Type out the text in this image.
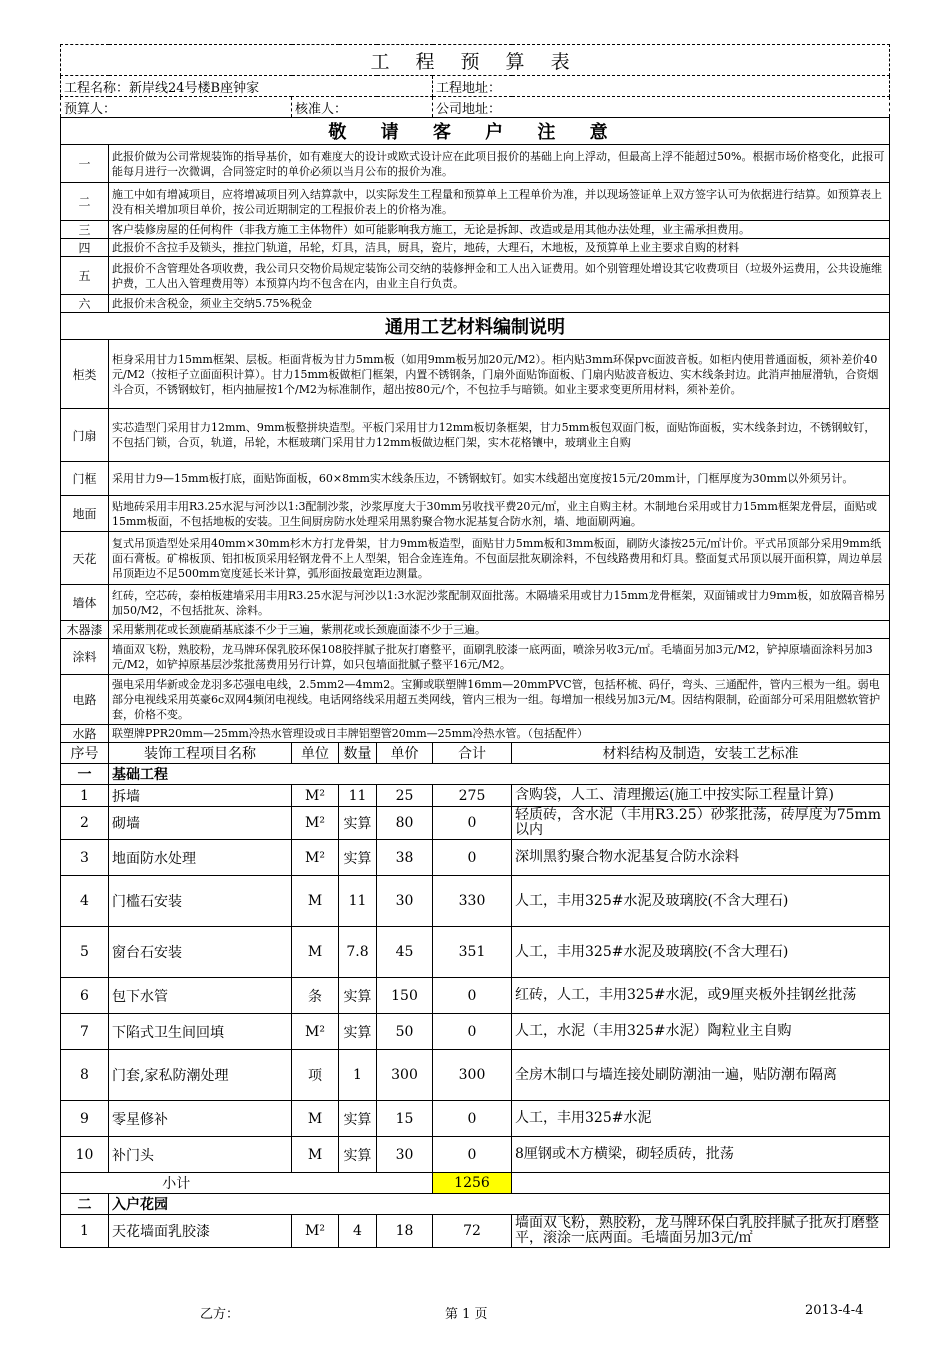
工 程 预 算 表						
工程名称：新岸线24号楼B座钟家					工程地址：	
预算人：		核准人：			公司地址：	
敬 请 客 户 注 意						
一	此报价做为公司常规装饰的指导基价，如有难度大的设计或欧式设计应在此项目报价的基础上向上浮动，但最高上浮不能超过50%。根据市场价格变化，此报可能每月进行一次微调，合同签定时的单价必须以当月公布的报价为准。					
二	施工中如有增减项目，应将增减项目列入结算款中，以实际发生工程量和预算单上工程单价为准，并以现场签证单上双方签字认可为依据进行结算。如预算表上没有相关增加项目单价，按公司近期制定的工程报价表上的价格为准。					
三	客户装修房屋的任何构件（非我方施工主体物件）如可能影响我方施工，无论是拆卸、改造或是用其他办法处理，业主需承担费用。					
四	此报价不含拉手及锁头，推拉门轨道，吊轮，灯具，洁具，厨具，瓷片，地砖，大理石，木地板，及预算单上业主要求自购的材料					
五	此报价不含管理处各项收费，我公司只交物价局规定装饰公司交纳的装修押金和工人出入证费用。如个别管理处增设其它收费项目（垃圾外运费用，公共设施维护费，工人出入管理费用等）本预算内均不包含在内，由业主自行负责。					
六	此报价未含税金，须业主交纳5.75%税金					
通用工艺材料编制说明						
柜类	柜身采用甘力15mm框架、层板。柜面背板为甘力5mm板（如用9mm板另加20元/M2）。柜内贴3mm环保pvc面波音板。如柜内使用普通面板，须补差价40元/M2（按柜子立面面积计算）。甘力15mm板做柜门框架，内置不锈钢条，门扇外面贴饰面板、门扇内贴波音板边、实木线条封边。此消声抽屉滑轨，合资烟斗合页，不锈钢蚊钉，柜内抽屉按1个/M2为标准制作，超出按80元/个，不包拉手与暗锁。如业主要求变更所用材料，须补差价。					
门扇	实芯造型门采用甘力12mm、9mm板整拼块造型。平板门采用甘力12mm板切条框架，甘力5mm板包双面门板，面贴饰面板，实木线条封边，不锈钢蚊钉，不包括门锁，合页，轨道，吊轮，木框玻璃门采用甘力12mm板做边框门架，实木花格镶中，玻璃业主自购					
门框	采用甘力9—15mm板打底，面贴饰面板，60×8mm实木线条压边，不锈钢蚊钉。如实木线超出宽度按15元/20mm计，门框厚度为30mm以外须另计。					
地面	贴地砖采用丰用R3.25水泥与河沙以1:3配制沙浆，沙浆厚度大于30mm另收找平费20元/㎡，业主自购主材。木制地台采用或甘力15mm框架龙骨层，面贴或15mm板面，不包括地板的安装。卫生间厨房防水处理采用黑豹聚合物水泥基复合防水剂，墙、地面刷两遍。					
天花	复式吊顶造型处采用40mm×30mm杉木方打龙骨架，甘力9mm板造型，面贴甘力5mm板和3mm板面，刷防火漆按25元/㎡计价。平式吊顶部分采用9mm纸面石膏板。矿棉板顶、铝扣板顶采用轻钢龙骨不上人型架，铝合金连连角。不包面层批灰刷涂料，不包线路费用和灯具。整面复式吊顶以展开面积算，周边单层吊顶距边不足500mm宽度延长米计算，弧形面按最宽距边测量。					
墙体	红砖，空芯砖，泰柏板建墙采用丰用R3.25水泥与河沙以1:3水泥沙浆配制双面批荡。木隔墙采用或甘力15mm龙骨框架，双面铺或甘力9mm板，如放隔音棉另加50/M2，不包括批灰、涂料。					
木器漆	采用紫荆花或长颈鹿硝基底漆不少于三遍，紫荆花或长颈鹿面漆不少于三遍。					
涂料	墙面双飞粉，熟胶粉，龙马牌环保乳胶环保108胶拌腻子批灰打磨整平，面刷乳胶漆一底两面，喷涂另收3元/㎡。毛墙面另加3元/M2，铲掉原墙面涂料另加3元/M2，如铲掉原基层沙浆批荡费用另行计算，如只包墙面批腻子整平16元/M2。					
电路	强电采用华新或金龙羽多芯强电电线，2.5mm2—4mm2。宝狮或联塑牌16mm—20mmPVC管，包括杯梳、码仔，弯头、三通配件，管内三根为一组。弱电部分电视线采用英豪6c双网4频闭电视线。电话网络线采用超五类网线，管内三根为一组。每增加一根线另加3元/M。因结构限制，砼面部分可采用阻燃软管护套，价格不变。					
水路	联塑牌PPR20mm—25mm冷热水管理设或日丰牌铝塑管20mm—25mm冷热水管。（包括配件）					
序号	装饰工程项目名称	单位	数量	单价	合计	材料结构及制造，安装工艺标准
一	基础工程					
1	拆墙	M²	11	25	275	含购袋，人工、清理搬运(施工中按实际工程量计算)
2	砌墙	M²	实算	80	0	轻质砖，含水泥（丰用R3.25）砂浆批荡，砖厚度为75mm以内
3	地面防水处理	M²	实算	38	0	深圳黑豹聚合物水泥基复合防水涂料
4	门槛石安装	M	11	30	330	人工，丰用325#水泥及玻璃胶(不含大理石)
5	窗台石安装	M	7.8	45	351	人工，丰用325#水泥及玻璃胶(不含大理石)
6	包下水管	条	实算	150	0	红砖，人工，丰用325#水泥，或9厘夹板外挂钢丝批荡
7	下陷式卫生间回填	M²	实算	50	0	人工，水泥（丰用325#水泥）陶粒业主自购
8	门套,家私防潮处理	项	1	300	300	全房木制口与墙连接处刷防潮油一遍，贴防潮布隔离
9	零星修补	M	实算	15	0	人工，丰用325#水泥
10	补门头	M	实算	30	0	8厘钢或木方横梁，砌轻质砖，批荡
小计					1256	
二	入户花园					
1	天花墙面乳胶漆	M²	4	18	72	墙面双飞粉，熟胶粉，龙马牌环保白乳胶拌腻子批灰打磨整平，滚涂一底两面。毛墙面另加3元/㎡
乙方：	第 1 页	2013-4-4
